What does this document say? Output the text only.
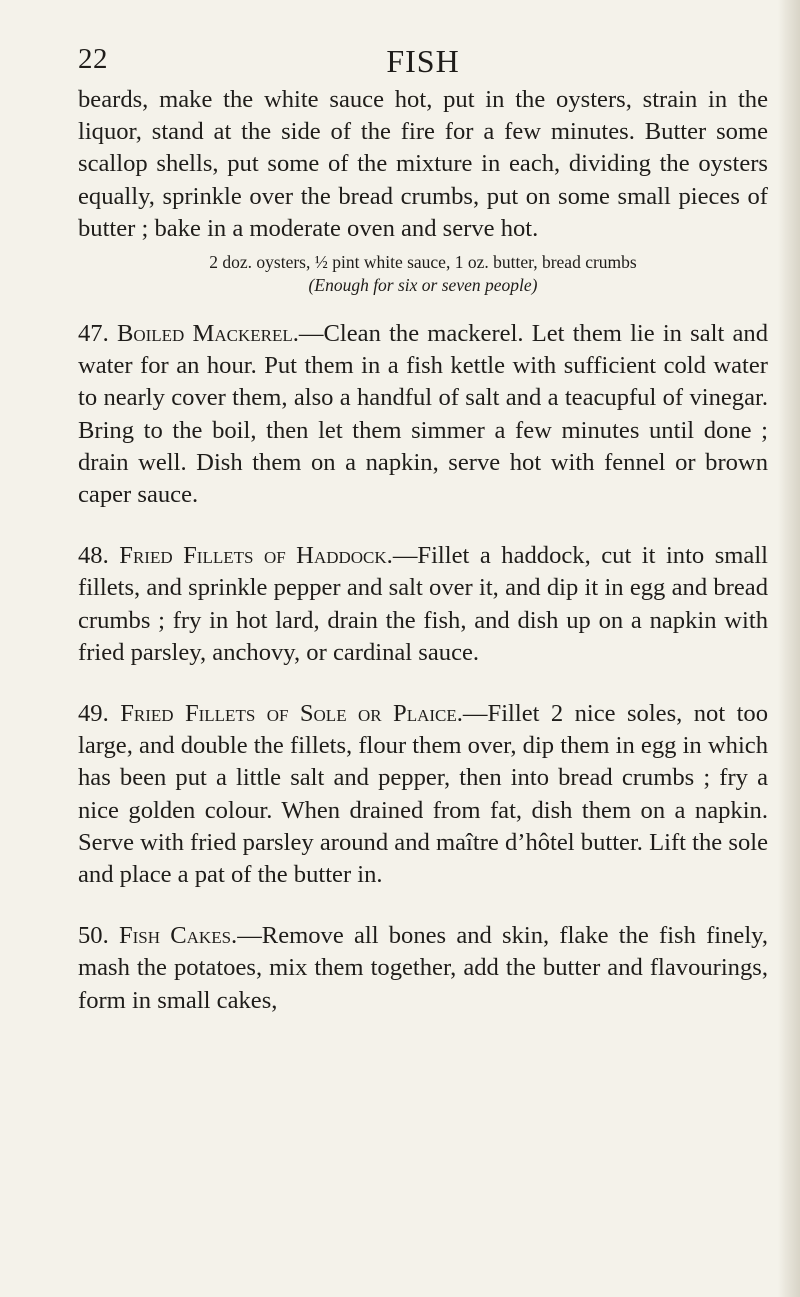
22	FISH

beards, make the white sauce hot, put in the oysters, strain in the liquor, stand at the side of the fire for a few minutes. Butter some scallop shells, put some of the mixture in each, dividing the oysters equally, sprinkle over the bread crumbs, put on some small pieces of butter ; bake in a moderate oven and serve hot.

2 doz. oysters, ½ pint white sauce, 1 oz. butter, bread crumbs
(Enough for six or seven people)

47. Boiled Mackerel.—Clean the mackerel. Let them lie in salt and water for an hour. Put them in a fish kettle with sufficient cold water to nearly cover them, also a handful of salt and a teacupful of vinegar. Bring to the boil, then let them simmer a few minutes until done ; drain well. Dish them on a napkin, serve hot with fennel or brown caper sauce.

48. Fried Fillets of Haddock.—Fillet a haddock, cut it into small fillets, and sprinkle pepper and salt over it, and dip it in egg and bread crumbs ; fry in hot lard, drain the fish, and dish up on a napkin with fried parsley, anchovy, or cardinal sauce.

49. Fried Fillets of Sole or Plaice.—Fillet 2 nice soles, not too large, and double the fillets, flour them over, dip them in egg in which has been put a little salt and pepper, then into bread crumbs ; fry a nice golden colour. When drained from fat, dish them on a napkin. Serve with fried parsley around and maître d’hôtel butter. Lift the sole and place a pat of the butter in.

50. Fish Cakes.—Remove all bones and skin, flake the fish finely, mash the potatoes, mix them together, add the butter and flavourings, form in small cakes,
